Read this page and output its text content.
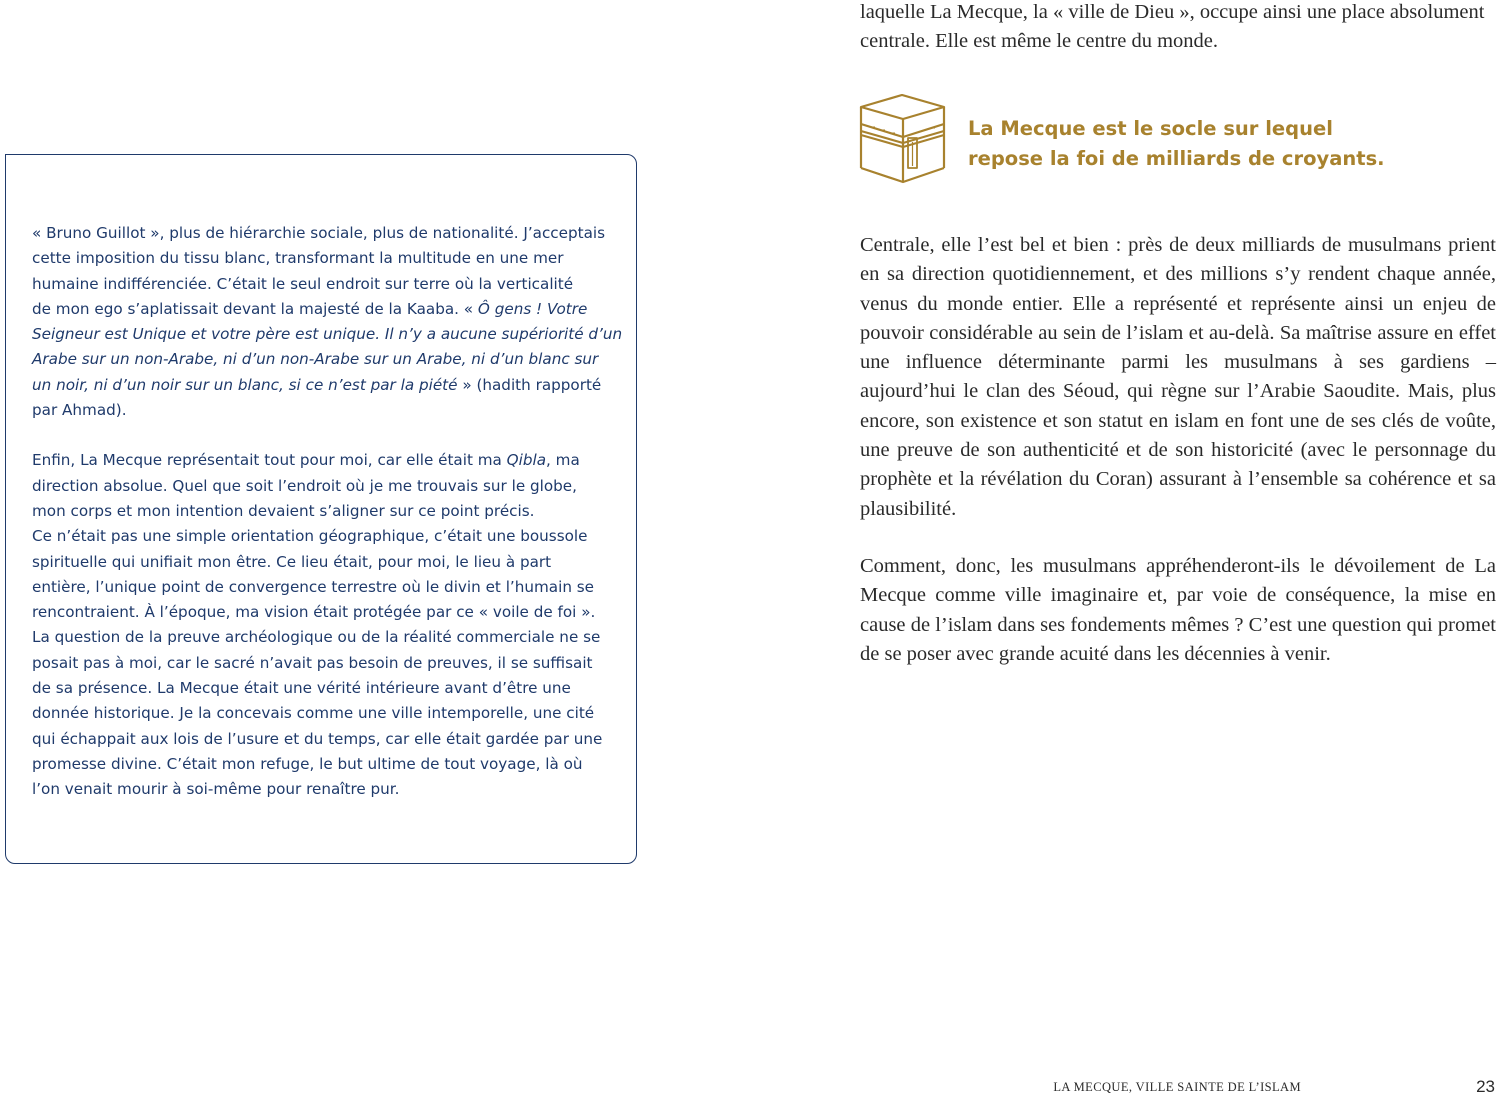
laquelle La Mecque, la « ville de Dieu », occupe ainsi une place absolument centrale. Elle est même le centre du monde.

La Mecque est le socle sur lequel
repose la foi de milliards de croyants.

Centrale, elle l’est bel et bien : près de deux milliards de musulmans prient en sa direction quotidiennement, et des millions s’y rendent chaque année, venus du monde entier. Elle a représenté et représente ainsi un enjeu de pouvoir considérable au sein de l’islam et au-delà. Sa maîtrise assure en effet une influence déterminante parmi les musulmans à ses gardiens – aujourd’hui le clan des Séoud, qui règne sur l’Arabie Saoudite. Mais, plus encore, son existence et son statut en islam en font une de ses clés de voûte, une preuve de son authenticité et de son historicité (avec le personnage du prophète et la révélation du Coran) assurant à l’ensemble sa cohérence et sa plausibilité.

Comment, donc, les musulmans appréhenderont-ils le dévoilement de La Mecque comme ville imaginaire et, par voie de conséquence, la mise en cause de l’islam dans ses fondements mêmes ? C’est une question qui promet de se poser avec grande acuité dans les décennies à venir.

« Bruno Guillot », plus de hiérarchie sociale, plus de nationalité. J’acceptais
cette imposition du tissu blanc, transformant la multitude en une mer
humaine indifférenciée. C’était le seul endroit sur terre où la verticalité
de mon ego s’aplatissait devant la majesté de la Kaaba. « Ô gens ! Votre
Seigneur est Unique et votre père est unique. Il n’y a aucune supériorité d’un
Arabe sur un non-Arabe, ni d’un non-Arabe sur un Arabe, ni d’un blanc sur
un noir, ni d’un noir sur un blanc, si ce n’est par la piété » (hadith rapporté
par Ahmad).

Enfin, La Mecque représentait tout pour moi, car elle était ma Qibla, ma
direction absolue. Quel que soit l’endroit où je me trouvais sur le globe,
mon corps et mon intention devaient s’aligner sur ce point précis.
Ce n’était pas une simple orientation géographique, c’était une boussole
spirituelle qui unifiait mon être. Ce lieu était, pour moi, le lieu à part
entière, l’unique point de convergence terrestre où le divin et l’humain se
rencontraient. À l’époque, ma vision était protégée par ce « voile de foi ».
La question de la preuve archéologique ou de la réalité commerciale ne se
posait pas à moi, car le sacré n’avait pas besoin de preuves, il se suffisait
de sa présence. La Mecque était une vérité intérieure avant d’être une
donnée historique. Je la concevais comme une ville intemporelle, une cité
qui échappait aux lois de l’usure et du temps, car elle était gardée par une
promesse divine. C’était mon refuge, le but ultime de tout voyage, là où
l’on venait mourir à soi-même pour renaître pur.

LA MECQUE, VILLE SAINTE DE L’ISLAM	23
